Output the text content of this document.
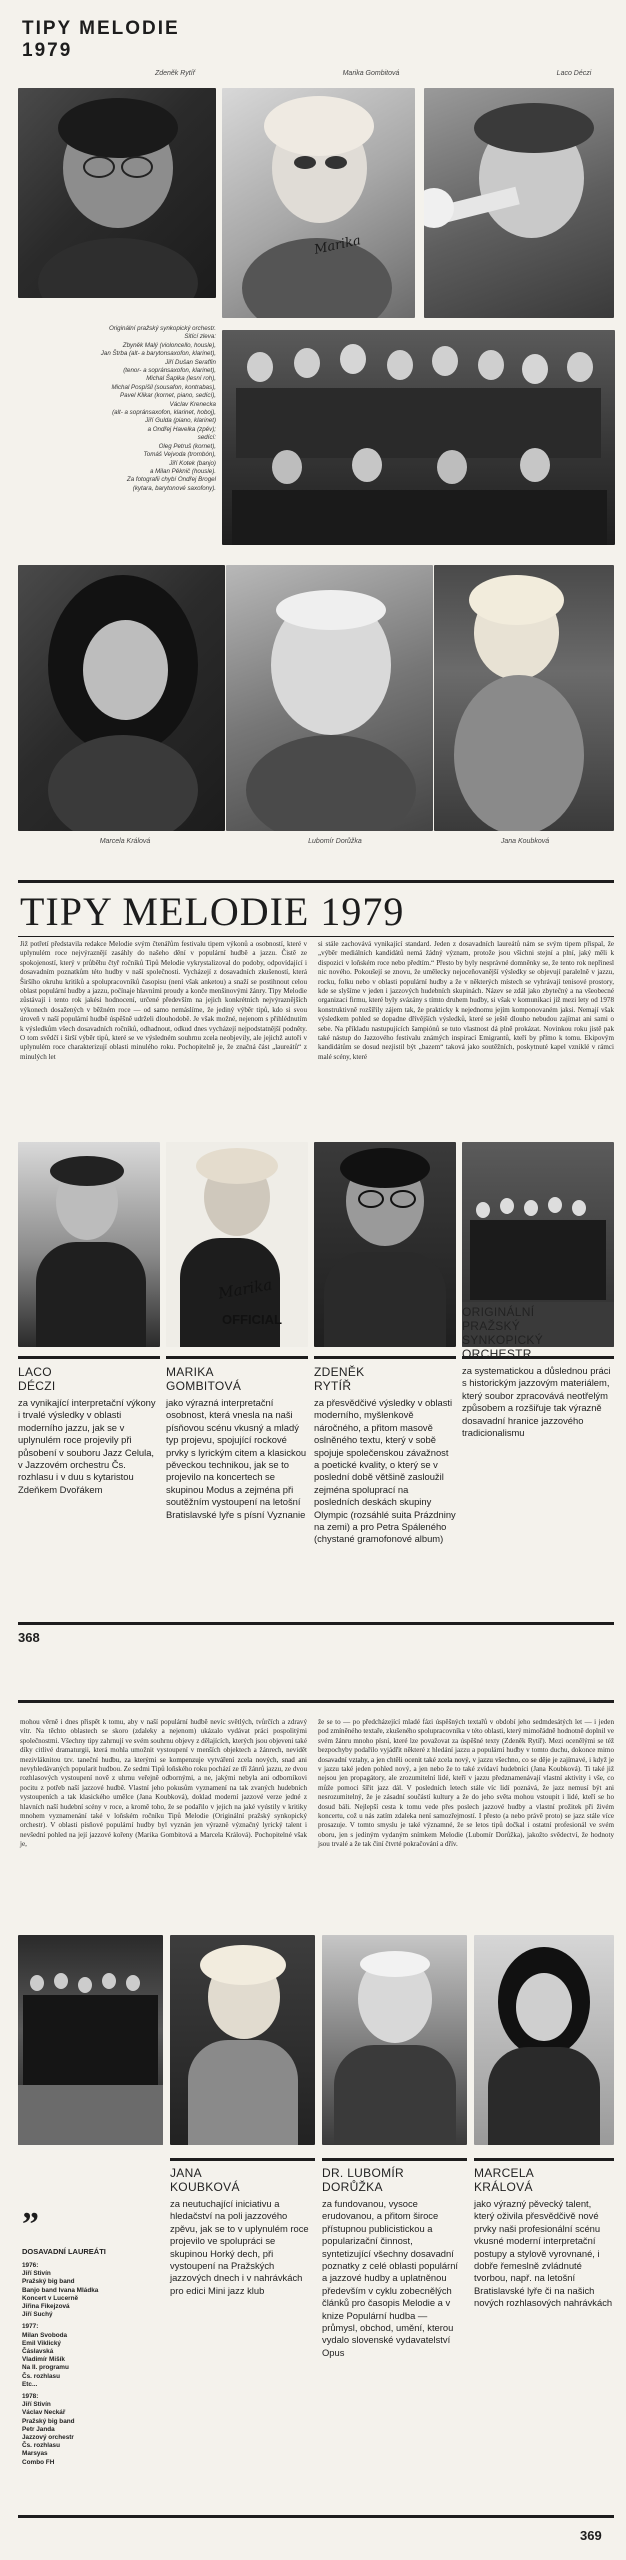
TIPY MELODIE
1979
Zdeněk Rytíř	Marika Gombitová	Laco Déczi
Marika
Originální pražský synkopický orchestr.
Sitící zleva:
Zbyněk Malý (violoncello, housle),
Jan Štrba (alt- a barytonsaxofon, klarinet),
Jiří Dušan Seraffin
(tenor- a sopránsaxofon, klarinet),
Michal Šaplka (lesní roh),
Michal Pospíšil (sousafon, kontrabas),
Pavel Klikar (kornet, piano, sedící),
Václav Krenecka
(alt- a sopránsaxofon, klarinet, hoboj),
Jiří Gulda (piano, klarinet)
a Ondřej Havelka (zpěv);
sedící:
Oleg Petruš (kornet),
Tomáš Vejvoda (trombón),
Jiří Kotek (banjo)
a Milan Pěknič (housle).
Za fotografii chybí Ondřej Brogel
(kytara, barytonové saxofony).
Marcela Králová	Lubomír Dorůžka	Jana Koubková
TIPY MELODIE 1979
Již potřetí představila redakce Melodie svým čtenářům festivalu tipem výkonů a osobností, které v uplynulém roce nejvýraznějí zasáhly do našeho dění v populární hudbě a jazzu. Čistě ze spokojeností, který v průběhu čtyř ročníků Tipů Melodie vykrystalizoval do podoby, odpovídající i dosavadním poznatkům této hudby v naší společnosti. Vycházejí z dosavadních zkušeností, která Širšího okruhu kritiků a spolupracovníků časopisu (není však anketou) a snaží se postihnout celou oblast populární hudby a jazzu, počínaje hlavními proudy a konče menšinovými žánry. Tipy Melodie zůstávají i tento rok jakési hodnocení, určené především na jejich konkrétních nejvýraznějších výkonech dosažených v běžném roce — od samo nemáslíme, že jediný výběr tipů, kdo si svou úroveň v naší populární hudbě úspěšně udrželi dlouhodobě. Je však možné, nejenom s přihlédnutím k výsledkům všech dosavadních ročníků, odhadnout, odkud dnes vycházejí nejpodstatnější podněty. O tom svědčí i širší výběr tipů, které se ve výsledném souhrnu zcela neobjevily, ale jejichž autoři v uplynulém roce charakterizují oblasti minulého roku. Pochopitelně je, že značná část „laureátů“ z minulých let
si stále zachovává vynikající standard. Jeden z dosavadních laureátů nám se svým tipem přispal, že „výběr mediálních kandidátů nemá žádný význam, protože jsou všichni stejní a plní, jaký měli k dispozici v loňském roce nebo předtím.“ Přesto by byly nesprávné domněnky se, že tento rok nepřinesl nic nového. Pokoušejí se znovu, že umělecky nejoceňovanější výsledky se objevují paralelně v jazzu, rocku, folku nebo v oblasti populární hudby a že v některých místech se vyhrávají tenisové prostory, kde se slyšíme v jeden i jazzových hudebních skupinách. Název se zdál jako zbytečný a na všeobecné organizaci firmu, které byly svázány s tímto druhem hudby, si však v komunikaci již mezi lety od 1978 konstruktivně rozšířily zájem tak, že prakticky k nejednomu jejím komponovaném jaksi. Nemají však výsledkem pohled se dopadne dřívějších výsledků, které se ještě dlouho nebudou zajímat ani sami o sebe. Na příkladu nastupujících šampiónů se tuto vlastnost dá plně prokázat. Novinkou roku jistě pak také nástup do Jazzového festivalu známých inspirací Emigrantů, kteří by přímo k tomu. Ekipovým kandidátům se dosud nezjistil být „bazem“ taková jako soutěžních, poskytnuté kapel vzniklé v rámci malé scény, které
Marika
OFFICIAL
LACO
DÉCZI
za vynikající interpretační výkony i trvalé výsledky v oblasti moderního jazzu, jak se v uplynulém roce projevily při působení v souboru Jazz Celula, v Jazzovém orchestru Čs. rozhlasu i v duu s kytaristou Zdeňkem Dvořákem
MARIKA
GOMBITOVÁ
jako výrazná interpretační osobnost, která vnesla na naši písňovou scénu vkusný a mladý typ projevu, spojující rockové prvky s lyrickým citem a klasickou pěveckou technikou, jak se to projevilo na koncertech se skupinou Modus a zejména při soutěžním vystoupení na letošní Bratislavské lyře s písní Vyznanie
ZDENĚK
RYTÍŘ
za přesvědčivé výsledky v oblasti moderního, myšlenkově náročného, a přitom masově oslněného textu, který v sobě spojuje společenskou závažnost a poetické kvality, o který se v poslední době většině zasloužil zejména spoluprací na posledních deskách skupiny Olympic (rozsáhlé suita Prázdniny na zemi) a pro Petra Spáleného (chystané gramofonové album)
ORIGINÁLNÍ
PRAŽSKÝ
SYNKOPICKÝ
ORCHESTR
za systematickou a důslednou práci s historickým jazzovým materiálem, který soubor zpracovává neotřelým způsobem a rozšiřuje tak výrazně dosavadní hranice jazzového tradicionalismu
368
mohou věrně i dnes přispět k tomu, aby v naší populární hudbě nevíc světlých, tvůrčích a zdravý vítr. Na těchto oblastech se skoro (zdaleky a nejenom) ukázalo vydávat práci pospolitými společnostmi. Všechny tipy zahrnují ve svém souhrnu objevy z dělajících, kterých jsou objeveni také díky citlivé dramaturgii, která mohla umožnit vystoupení v menších objektech a žánrech, nevidět mezivláknitou tzv. taneční hudbu, za kterými se kompenzuje vytváření zcela nových, snad ani nevyhledávaných popularit hudbou. Ze sedmi Tipů loňského roku pochází ze tří žánrů jazzu, ze dvou rozhlasových vystoupení nově z uhrnu veřejně odbornými, a ne, jakými nebyla ani odborníkovi pocitu z potřeb naší jazzové hudbě. Vlastní jeho pokusům vyznamení na tak zvaných hudebních vystoupeních a tak klasického umělce (Jana Koubková), doklad moderní jazzové verze jedné z hlavních naší hudební scény v roce, a kromě toho, že se podařilo v jejich na jaké vyústily v kritiky mnohem vyznamenání také v loňském ročníku Tipů Melodie (Originální pražský synkopický orchestr). V oblasti písňové populární hudby byl vyznán jen výrazně význačný lyrický talent i nevšední pohled na její jazzové kořeny (Marika Gombitová a Marcela Králová). Pochopitelné však je,
že se to — po předcházející mladé fázi úspěšných textařů v období jeho sedmdesátých let — i jeden pod zmíněného textaře, zkušeného spolupracovníka v této oblasti, který mimořádně hodnotně doplnil ve svém žánru mnoho písní, které lze považovat za úspěšné texty (Zdeněk Rytíř). Mezi ocenělými se též bezpochyby podařilo vyjádřit některé z hledání jazzu a populární hudby v tomto duchu, dokonce mimo dosavadní vztahy, a jen chtěli ocenit také zcela nový, v jazzu všechno, co se děje je zajímavé, i když je v jazzu také jeden pohled nový, a jen nebo že to také zvídaví hudebníci (Jana Koubková). Ti také již nejsou jen propagátory, ale zrozumitelní lidé, kteří v jazzu předznamenávají vlastní aktivity i vše, co může pomoci šířit jazz dál. V posledních letech stále víc lidí poznává, že jazz nemusí být ani nesrozumitelný, že je zásadní součástí kultury a že do jeho světa mohou vstoupit i lidé, kteří se ho dosud báli. Nejlepší cesta k tomu vede přes poslech jazzové hudby a vlastní prožitek při živém koncertu, což u nás zatím zdaleka není samozřejmostí. I přesto (a nebo právě proto) se jazz stále více prosazuje. V tomto smyslu je také významné, že se letos tipů dočkal i ostatní profesionál ve svém oboru, jen s jediným vydaným snímkem Melodie (Lubomír Dorůžka), jakožto svědectví, že hodnoty jsou trvalé a že tak činí čtvrté pokračování a dřív.
”
DOSAVADNÍ LAUREÁTI
1976:
Jiří Stivín
Pražský big band
Banjo band Ivana Mládka
Koncert v Lucerně
Jiřina Fikejzová
Jiří Suchý
1977:
Milan Svoboda
Emil Viklický
Čáslavská
Vladimír Mišík
Na II. programu
Čs. rozhlasu
Etc...
1978:
Jiří Stivín
Václav Neckář
Pražský big band
Petr Janda
Jazzový orchestr
Čs. rozhlasu
Marsyas
Combo FH
JANA
KOUBKOVÁ
za neutuchající iniciativu a hledačství na poli jazzového zpěvu, jak se to v uplynulém roce projevilo ve spolupráci se skupinou Horký dech, při vystoupení na Pražských jazzových dnech i v nahrávkách pro edici Mini jazz klub
DR. LUBOMÍR
DORŮŽKA
za fundovanou, vysoce erudovanou, a přitom široce přístupnou publicistickou a popularizační činnost, syntetizující všechny dosavadní poznatky z celé oblasti populární a jazzové hudby a uplatněnou především v cyklu zobecnělých článků pro časopis Melodie a v knize Populární hudba — průmysl, obchod, umění, kterou vydalo slovenské vydavatelství Opus
MARCELA
KRÁLOVÁ
jako výrazný pěvecký talent, který oživila přesvědčivě nové prvky naši profesionální scénu vkusné moderní interpretační postupy a stylově vyrovnané, i dobře řemeslně zvládnuté tvorbou, např. na letošní Bratislavské lyře či na našich nových rozhlasových nahrávkách
369
